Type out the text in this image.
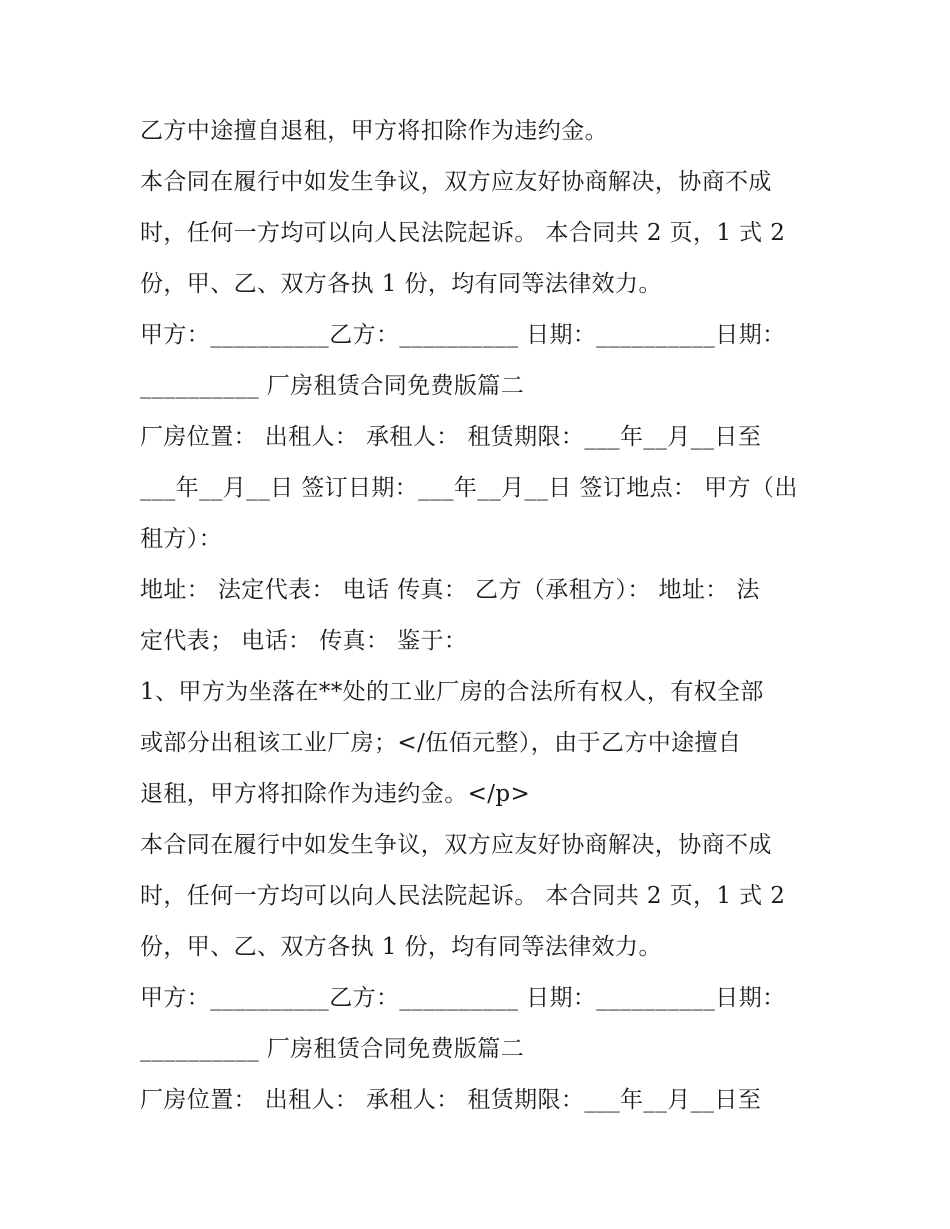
乙方中途擅自退租，甲方将扣除作为违约金。
本合同在履行中如发生争议，双方应友好协商解决，协商不成
时，任何一方均可以向人民法院起诉。 本合同共 2 页，1 式 2
份，甲、乙、双方各执 1 份，均有同等法律效力。
甲方：__________乙方：__________ 日期：__________日期：
__________ 厂房租赁合同免费版篇二
厂房位置： 出租人： 承租人： 租赁期限：___年__月__日至
___年__月__日 签订日期：___年__月__日 签订地点： 甲方（出
租方）：
地址： 法定代表： 电话 传真： 乙方（承租方）： 地址： 法
定代表； 电话： 传真： 鉴于：
1、甲方为坐落在**处的工业厂房的合法所有权人，有权全部
或部分出租该工业厂房；</伍佰元整），由于乙方中途擅自
退租，甲方将扣除作为违约金。</p>
本合同在履行中如发生争议，双方应友好协商解决，协商不成
时，任何一方均可以向人民法院起诉。 本合同共 2 页，1 式 2
份，甲、乙、双方各执 1 份，均有同等法律效力。
甲方：__________乙方：__________ 日期：__________日期：
__________ 厂房租赁合同免费版篇二
厂房位置： 出租人： 承租人： 租赁期限：___年__月__日至
